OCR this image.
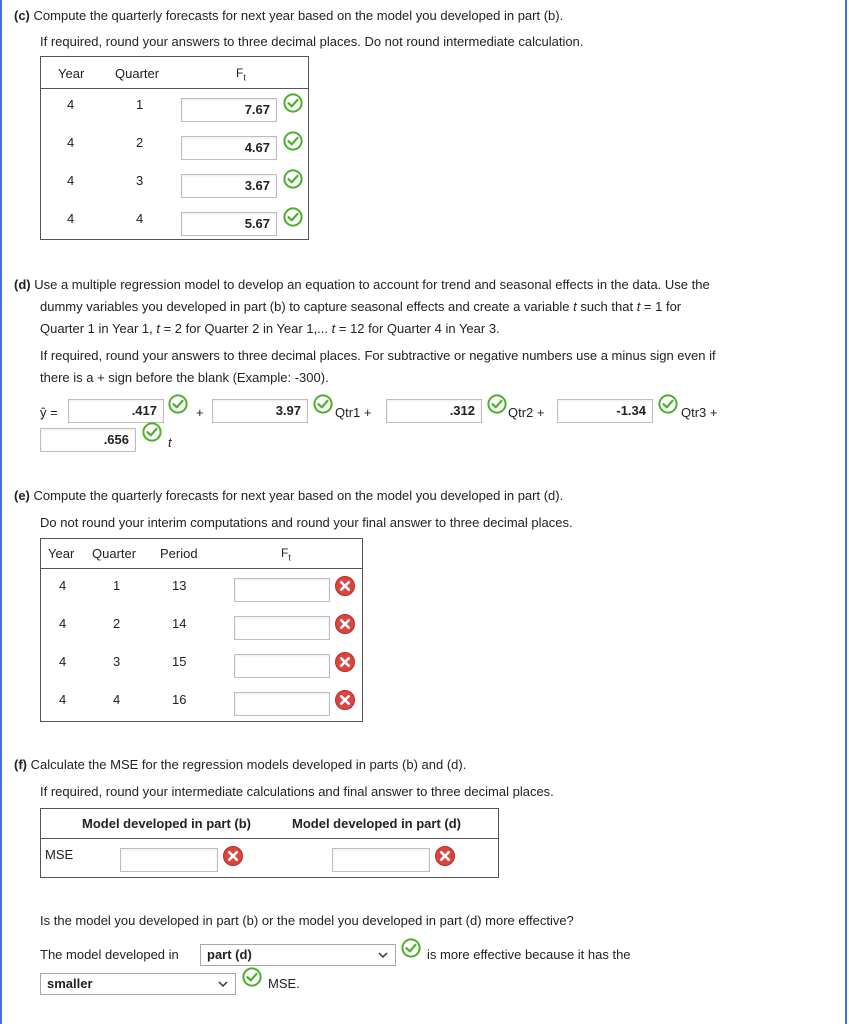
(c) Compute the quarterly forecasts for next year based on the model you developed in part (b).
If required, round your answers to three decimal places. Do not round intermediate calculation.
Year Quarter	$F_t$
4	1	7.67
4	2	4.67
4	3	3.67
4	4	5.67
(d) Use a multiple regression model to develop an equation to account for trend and seasonal effects in the data. Use the
dummy variables you developed in part (b) to capture seasonal effects and create a variable t such that t = 1 for
Quarter 1 in Year 1, t = 2 for Quarter 2 in Year 1,... t = 12 for Quarter 4 in Year 3.
If required, round your answers to three decimal places. For subtractive or negative numbers use a minus sign even if
there is a + sign before the blank (Example: -300).
ŷ =	.417	+	3.97	Qtr1 +	.312	Qtr2 +	-1.34	Qtr3 +
.656	t
(e) Compute the quarterly forecasts for next year based on the model you developed in part (d).
Do not round your interim computations and round your final answer to three decimal places.
Year Quarter Period	$F_t$
4	1	13
4	2	14
4	3	15
4	4	16
(f) Calculate the MSE for the regression models developed in parts (b) and (d).
If required, round your intermediate calculations and final answer to three decimal places.
Model developed in part (b)	Model developed in part (d)
MSE
Is the model you developed in part (b) or the model you developed in part (d) more effective?
The model developed in	part (d)	is more effective because it has the
smaller	MSE.
